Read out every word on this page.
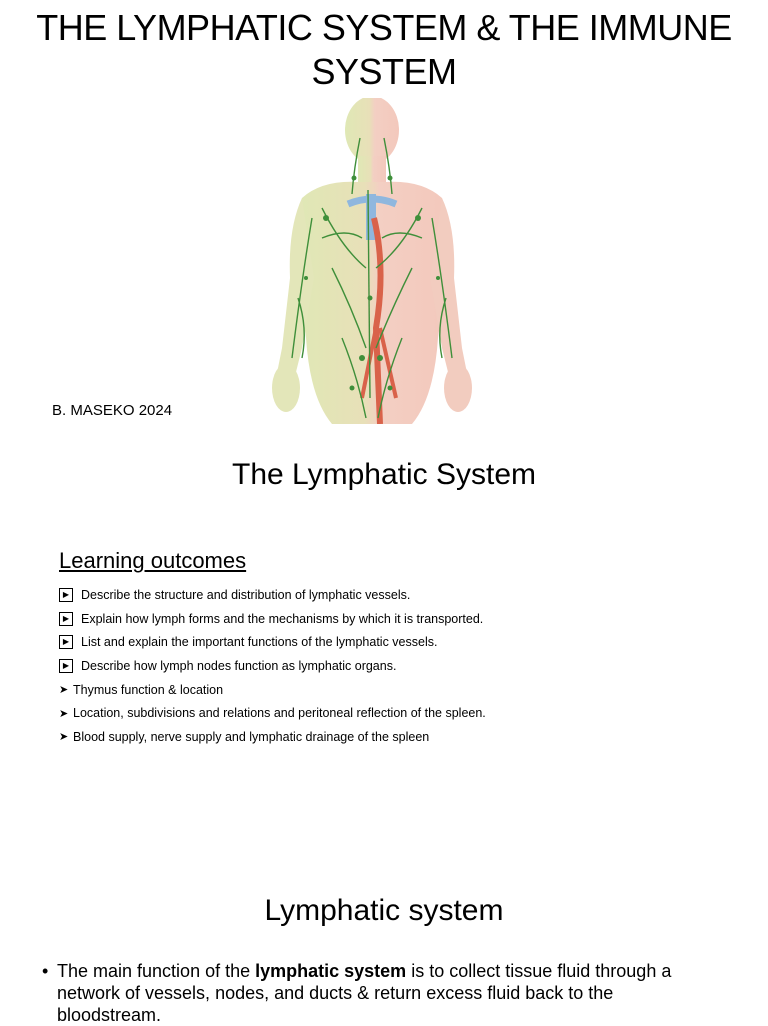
THE LYMPHATIC SYSTEM & THE IMMUNE SYSTEM
B. MASEKO 2024
The Lymphatic System
Learning outcomes
▶ Describe the structure and distribution of lymphatic vessels.
▶ Explain how lymph forms and the mechanisms by which it is transported.
▶ List and explain the important functions of the lymphatic vessels.
▶ Describe how lymph nodes function as lymphatic organs.
➤ Thymus function & location
➤ Location, subdivisions and relations and peritoneal reflection of the spleen.
➤ Blood supply, nerve supply and lymphatic drainage of the spleen
Lymphatic system
• The main function of the lymphatic system is to collect tissue fluid through a network of vessels, nodes, and ducts & return excess fluid back to the bloodstream.
